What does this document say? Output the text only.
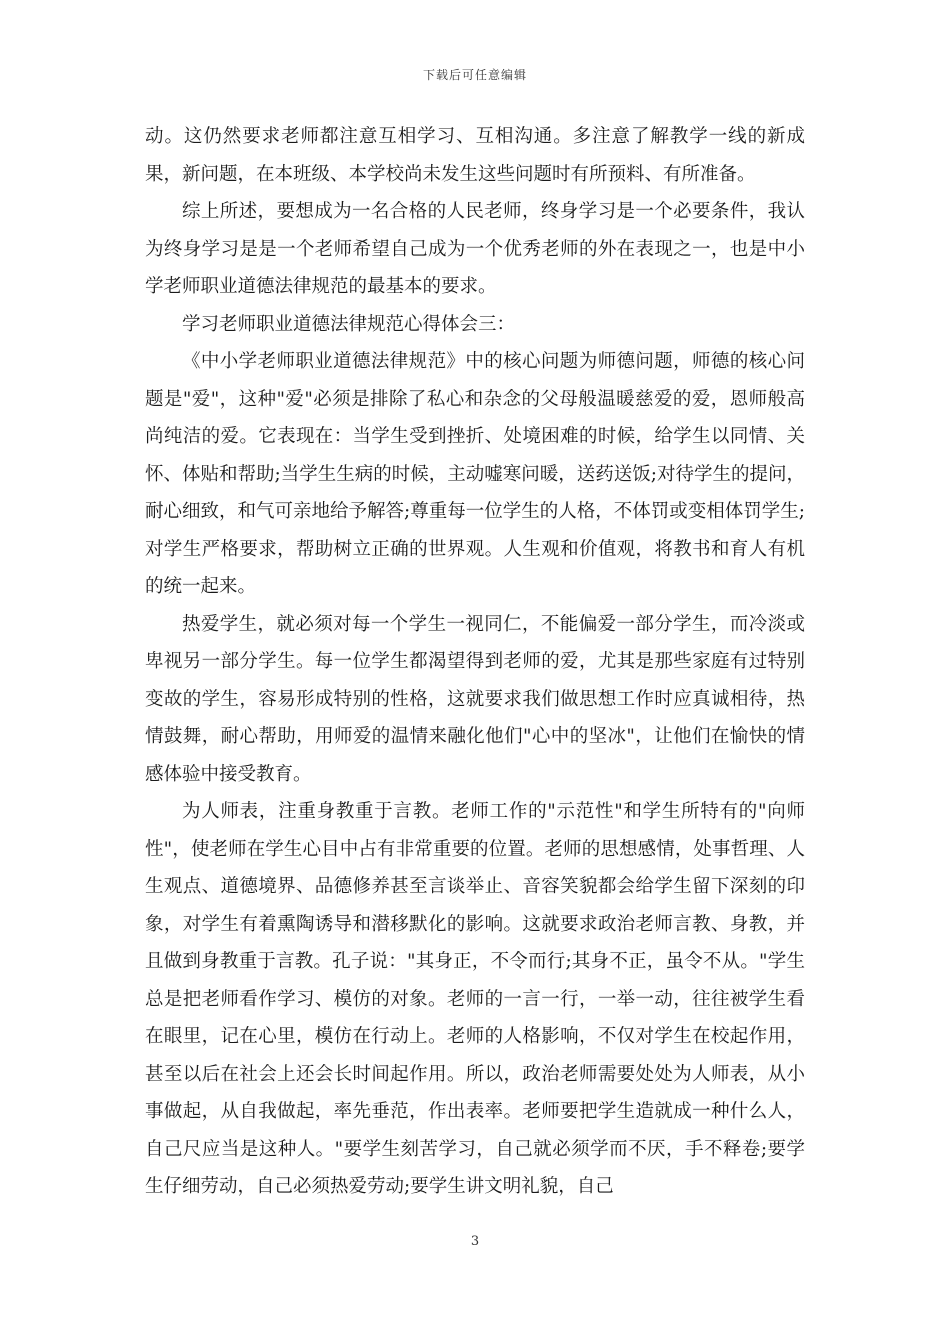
下载后可任意编辑

动。这仍然要求老师都注意互相学习、互相沟通。多注意了解教学一线的新成果，新问题，在本班级、本学校尚未发生这些问题时有所预料、有所准备。

综上所述，要想成为一名合格的人民老师，终身学习是一个必要条件，我认为终身学习是是一个老师希望自己成为一个优秀老师的外在表现之一，也是中小学老师职业道德法律规范的最基本的要求。

学习老师职业道德法律规范心得体会三：

《中小学老师职业道德法律规范》中的核心问题为师德问题，师德的核心问题是"爱"，这种"爱"必须是排除了私心和杂念的父母般温暖慈爱的爱，恩师般高尚纯洁的爱。它表现在：当学生受到挫折、处境困难的时候，给学生以同情、关怀、体贴和帮助;当学生生病的时候，主动嘘寒问暖，送药送饭;对待学生的提问，耐心细致，和气可亲地给予解答;尊重每一位学生的人格，不体罚或变相体罚学生;对学生严格要求，帮助树立正确的世界观。人生观和价值观，将教书和育人有机的统一起来。

热爱学生，就必须对每一个学生一视同仁，不能偏爱一部分学生，而冷淡或卑视另一部分学生。每一位学生都渴望得到老师的爱，尤其是那些家庭有过特别变故的学生，容易形成特别的性格，这就要求我们做思想工作时应真诚相待，热情鼓舞，耐心帮助，用师爱的温情来融化他们"心中的坚冰"，让他们在愉快的情感体验中接受教育。

为人师表，注重身教重于言教。老师工作的"示范性"和学生所特有的"向师性"，使老师在学生心目中占有非常重要的位置。老师的思想感情，处事哲理、人生观点、道德境界、品德修养甚至言谈举止、音容笑貌都会给学生留下深刻的印象，对学生有着熏陶诱导和潜移默化的影响。这就要求政治老师言教、身教，并且做到身教重于言教。孔子说："其身正，不令而行;其身不正，虽令不从。"学生总是把老师看作学习、模仿的对象。老师的一言一行，一举一动，往往被学生看在眼里，记在心里，模仿在行动上。老师的人格影响，不仅对学生在校起作用，甚至以后在社会上还会长时间起作用。所以，政治老师需要处处为人师表，从小事做起，从自我做起，率先垂范，作出表率。老师要把学生造就成一种什么人，自己尺应当是这种人。"要学生刻苦学习，自己就必须学而不厌，手不释卷;要学生仔细劳动，自己必须热爱劳动;要学生讲文明礼貌，自己

3
